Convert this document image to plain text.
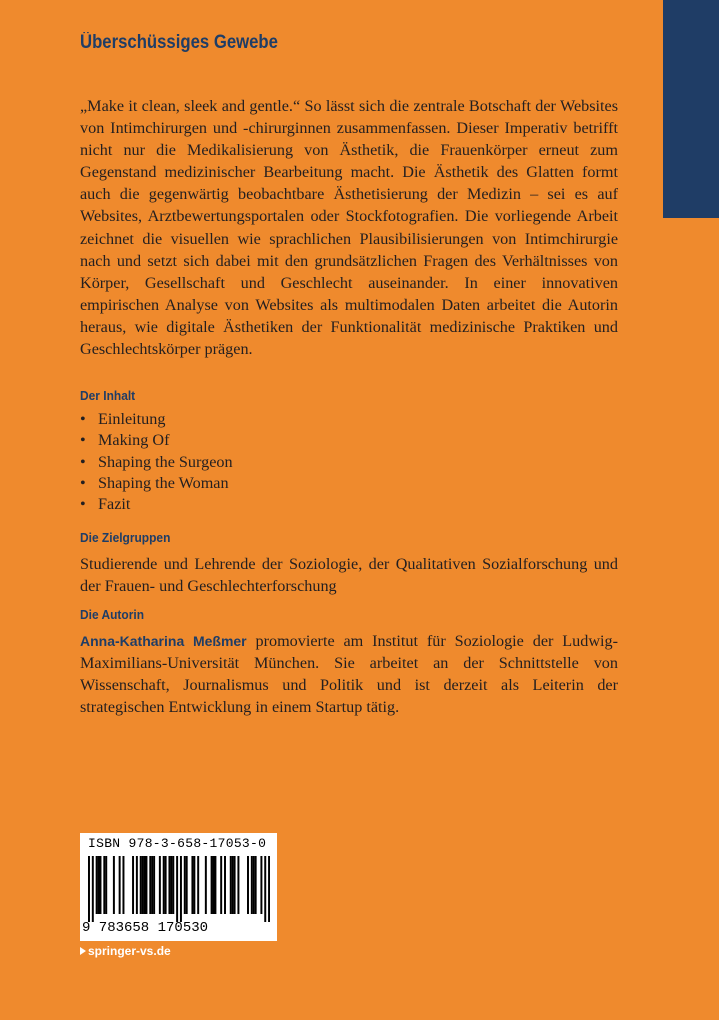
Überschüssiges Gewebe

„Make it clean, sleek and gentle.“ So lässt sich die zentrale Botschaft der Websites von Intimchirurgen und -chirurginnen zusammenfassen. Dieser Imperativ betrifft nicht nur die Medikalisierung von Ästhetik, die Frauenkörper erneut zum Gegenstand medizinischer Bearbeitung macht. Die Ästhetik des Glatten formt auch die gegenwärtig beobachtbare Ästhetisierung der Medizin – sei es auf Websites, Arztbewertungsportalen oder Stockfotografien. Die vorliegende Arbeit zeichnet die visuellen wie sprachlichen Plausibilisierungen von Intimchirurgie nach und setzt sich dabei mit den grundsätzlichen Fragen des Verhältnisses von Körper, Gesellschaft und Geschlecht auseinander. In einer innovativen empirischen Analyse von Websites als multimodalen Daten arbeitet die Autorin heraus, wie digitale Ästhetiken der Funktionalität medizinische Praktiken und Geschlechtskörper prägen.

Der Inhalt
• Einleitung
• Making Of
• Shaping the Surgeon
• Shaping the Woman
• Fazit
Die Zielgruppen

Studierende und Lehrende der Soziologie, der Qualitativen Sozialforschung und der Frauen- und Geschlechterforschung

Die Autorin

Anna-Katharina Meßmer promovierte am Institut für Soziologie der Ludwig-Maximilians-Universität München. Sie arbeitet an der Schnittstelle von Wissenschaft, Journalismus und Politik und ist derzeit als Leiterin der strategischen Entwicklung in einem Startup tätig.

ISBN 978-3-658-17053-0
9 783658 170530
springer-vs.de
